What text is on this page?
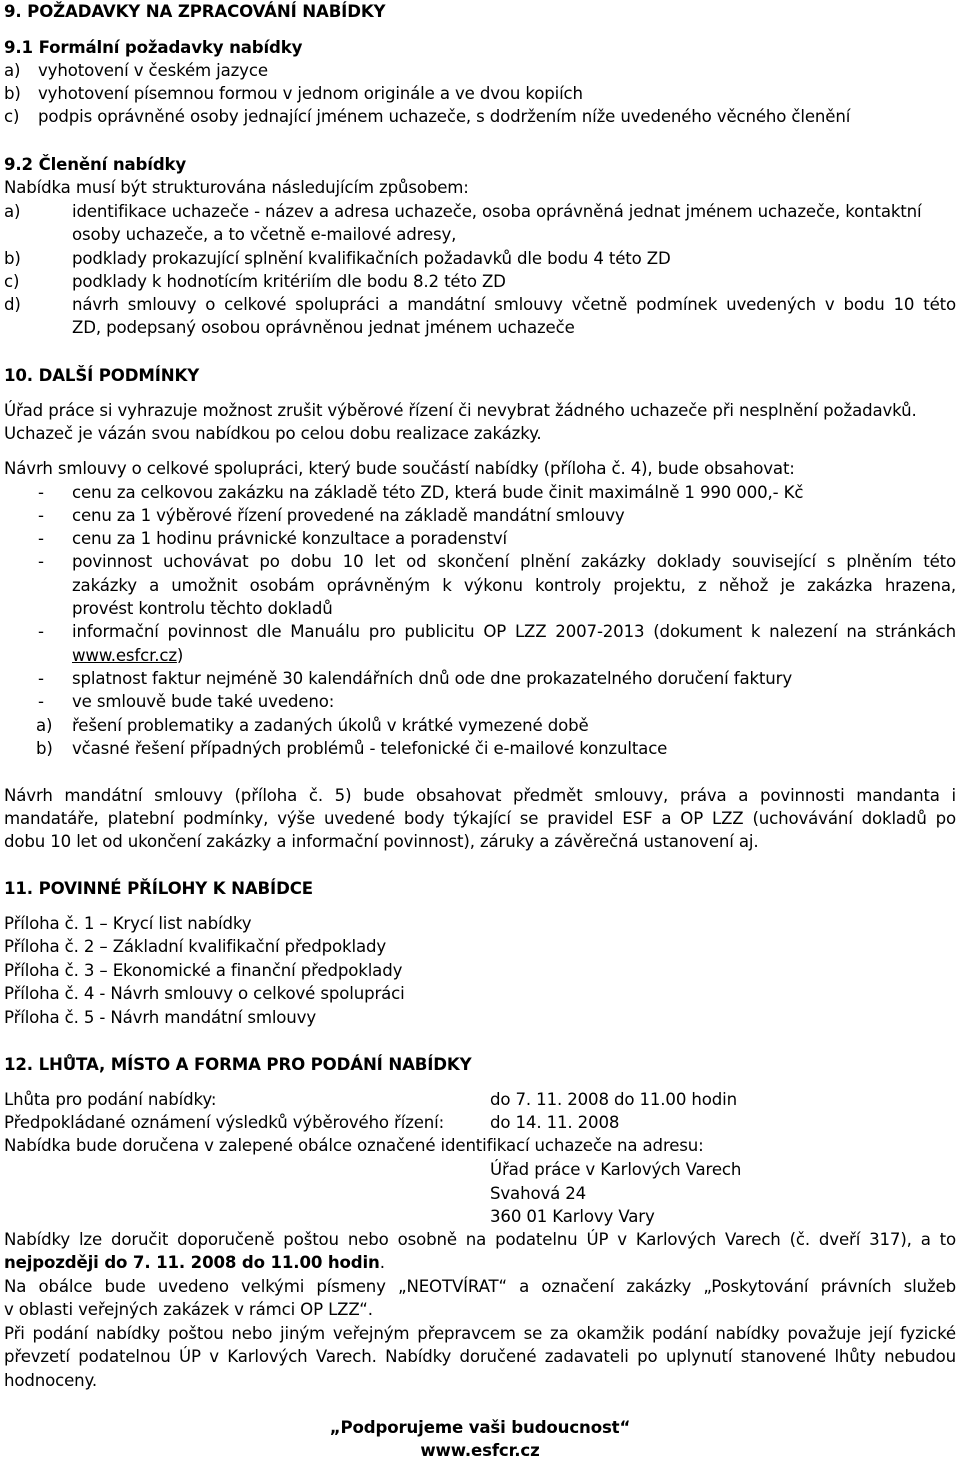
9. POŽADAVKY NA ZPRACOVÁNÍ NABÍDKY
9.1 Formální požadavky nabídky
a) vyhotovení v českém jazyce
b) vyhotovení písemnou formou v jednom originále a ve dvou kopiích
c) podpis oprávněné osoby jednající jménem uchazeče, s dodržením níže uvedeného věcného členění
9.2 Členění nabídky
Nabídka musí být strukturována následujícím způsobem:
a)	identifikace uchazeče - název a adresa uchazeče, osoba oprávněná jednat jménem uchazeče, kontaktní
osoby uchazeče, a to včetně e-mailové adresy,
b)	podklady prokazující splnění kvalifikačních požadavků dle bodu 4 této ZD
c)	podklady k hodnotícím kritériím dle bodu 8.2 této ZD
d)	návrh smlouvy o celkové spolupráci a mandátní smlouvy včetně podmínek uvedených v bodu 10 této
ZD, podepsaný osobou oprávněnou jednat jménem uchazeče
10. DALŠÍ PODMÍNKY
Úřad práce si vyhrazuje možnost zrušit výběrové řízení či nevybrat žádného uchazeče při nesplnění požadavků.
Uchazeč je vázán svou nabídkou po celou dobu realizace zakázky.
Návrh smlouvy o celkové spolupráci, který bude součástí nabídky (příloha č. 4), bude obsahovat:
- cenu za celkovou zakázku na základě této ZD, která bude činit maximálně 1 990 000,- Kč
- cenu za 1 výběrové řízení provedené na základě mandátní smlouvy
- cenu za 1 hodinu právnické konzultace a poradenství
- povinnost uchovávat po dobu 10 let od skončení plnění zakázky doklady související s plněním této
zakázky a umožnit osobám oprávněným k výkonu kontroly projektu, z něhož je zakázka hrazena,
provést kontrolu těchto dokladů
- informační povinnost dle Manuálu pro publicitu OP LZZ 2007-2013 (dokument k nalezení na stránkách
www.esfcr.cz)
- splatnost faktur nejméně 30 kalendářních dnů ode dne prokazatelného doručení faktury
- ve smlouvě bude také uvedeno:
a) řešení problematiky a zadaných úkolů v krátké vymezené době
b) včasné řešení případných problémů - telefonické či e-mailové konzultace
Návrh mandátní smlouvy (příloha č. 5) bude obsahovat předmět smlouvy, práva a povinnosti mandanta i
mandatáře, platební podmínky, výše uvedené body týkající se pravidel ESF a OP LZZ (uchovávání dokladů po
dobu 10 let od ukončení zakázky a informační povinnost), záruky a závěrečná ustanovení aj.
11. POVINNÉ PŘÍLOHY K NABÍDCE
Příloha č. 1 – Krycí list nabídky
Příloha č. 2 – Základní kvalifikační předpoklady
Příloha č. 3 – Ekonomické a finanční předpoklady
Příloha č. 4 - Návrh smlouvy o celkové spolupráci
Příloha č. 5 - Návrh mandátní smlouvy
12. LHŮTA, MÍSTO A FORMA PRO PODÁNÍ NABÍDKY
Lhůta pro podání nabídky:	do 7. 11. 2008 do 11.00 hodin
Předpokládané oznámení výsledků výběrového řízení:	do 14. 11. 2008
Nabídka bude doručena v zalepené obálce označené identifikací uchazeče na adresu:
Úřad práce v Karlových Varech
Svahová 24
360 01 Karlovy Vary
Nabídky lze doručit doporučeně poštou nebo osobně na podatelnu ÚP v Karlových Varech (č. dveří 317), a to
nejpozději do 7. 11. 2008 do 11.00 hodin.
Na obálce bude uvedeno velkými písmeny „NEOTVÍRAT“ a označení zakázky „Poskytování právních služeb
v oblasti veřejných zakázek v rámci OP LZZ“.
Při podání nabídky poštou nebo jiným veřejným přepravcem se za okamžik podání nabídky považuje její fyzické
převzetí podatelnou ÚP v Karlových Varech. Nabídky doručené zadavateli po uplynutí stanovené lhůty nebudou
hodnoceny.
„Podporujeme vaši budoucnost“
www.esfcr.cz
